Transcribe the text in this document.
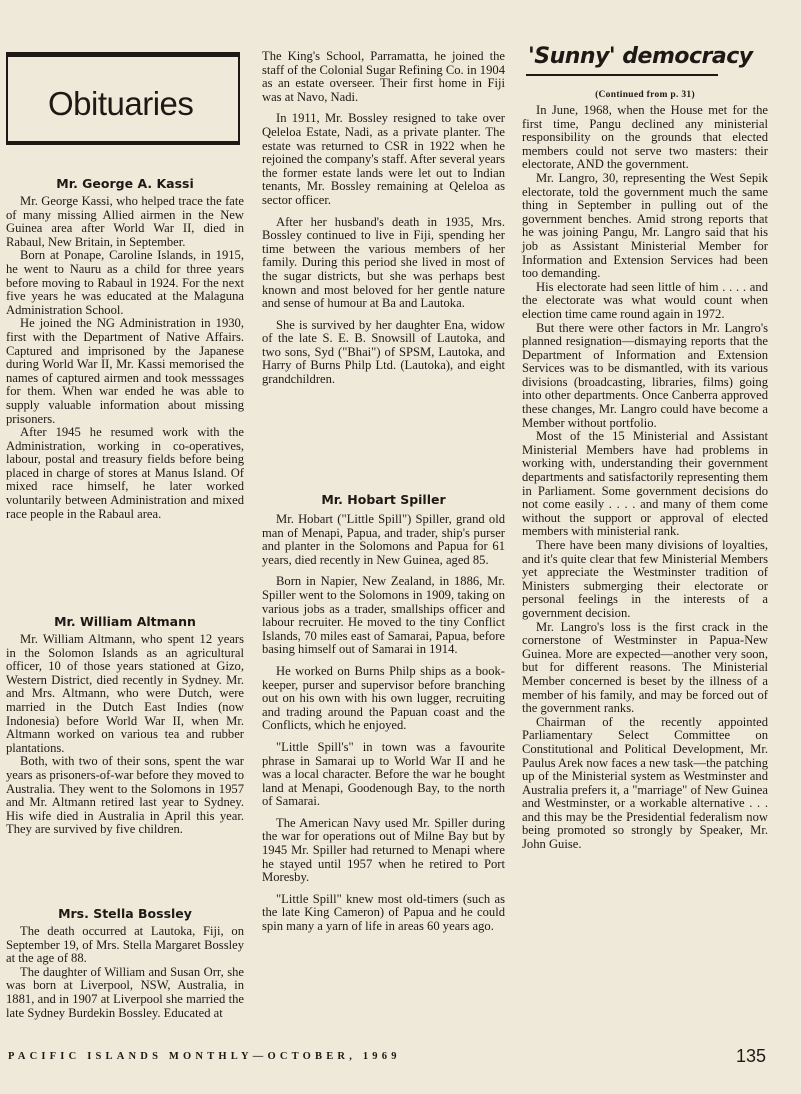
Obituaries
Mr. George A. Kassi

Mr. George Kassi, who helped trace the fate of many missing Allied airmen in the New Guinea area after World War II, died in Rabaul, New Britain, in September.

Born at Ponape, Caroline Islands, in 1915, he went to Nauru as a child for three years before moving to Rabaul in 1924. For the next five years he was educated at the Malaguna Administration School.

He joined the NG Administration in 1930, first with the Department of Native Affairs. Captured and imprisoned by the Japanese during World War II, Mr. Kassi memorised the names of captured airmen and took messsages for them. When war ended he was able to supply valuable information about missing prisoners.

After 1945 he resumed work with the Administration, working in co-operatives, labour, postal and treasury fields before being placed in charge of stores at Manus Island. Of mixed race himself, he later worked voluntarily between Administration and mixed race people in the Rabaul area.

Mr. William Altmann

Mr. William Altmann, who spent 12 years in the Solomon Islands as an agricultural officer, 10 of those years stationed at Gizo, Western District, died recently in Sydney. Mr. and Mrs. Altmann, who were Dutch, were married in the Dutch East Indies (now Indonesia) before World War II, when Mr. Altmann worked on various tea and rubber plantations.

Both, with two of their sons, spent the war years as prisoners-of-war before they moved to Australia. They went to the Solomons in 1957 and Mr. Altmann retired last year to Sydney. His wife died in Australia in April this year. They are survived by five children.

Mrs. Stella Bossley

The death occurred at Lautoka, Fiji, on September 19, of Mrs. Stella Margaret Bossley at the age of 88.

The daughter of William and Susan Orr, she was born at Liverpool, NSW, Australia, in 1881, and in 1907 at Liverpool she married the late Sydney Burdekin Bossley. Educated at

The King's School, Parramatta, he joined the staff of the Colonial Sugar Refining Co. in 1904 as an estate overseer. Their first home in Fiji was at Navo, Nadi.

In 1911, Mr. Bossley resigned to take over Qeleloa Estate, Nadi, as a private planter. The estate was returned to CSR in 1922 when he rejoined the company's staff. After several years the former estate lands were let out to Indian tenants, Mr. Bossley remaining at Qeleloa as sector officer.

After her husband's death in 1935, Mrs. Bossley continued to live in Fiji, spending her time between the various members of her family. During this period she lived in most of the sugar districts, but she was perhaps best known and most beloved for her gentle nature and sense of humour at Ba and Lautoka.

She is survived by her daughter Ena, widow of the late S. E. B. Snowsill of Lautoka, and two sons, Syd ("Bhai") of SPSM, Lautoka, and Harry of Burns Philp Ltd. (Lautoka), and eight grandchildren.

Mr. Hobart Spiller

Mr. Hobart ("Little Spill") Spiller, grand old man of Menapi, Papua, and trader, ship's purser and planter in the Solomons and Papua for 61 years, died recently in New Guinea, aged 85.

Born in Napier, New Zealand, in 1886, Mr. Spiller went to the Solomons in 1909, taking on various jobs as a trader, smallships officer and labour recruiter. He moved to the tiny Conflict Islands, 70 miles east of Samarai, Papua, before basing himself out of Samarai in 1914.

He worked on Burns Philp ships as a book-keeper, purser and supervisor before branching out on his own with his own lugger, recruiting and trading around the Papuan coast and the Conflicts, which he enjoyed.

"Little Spill's" in town was a favourite phrase in Samarai up to World War II and he was a local character. Before the war he bought land at Menapi, Goodenough Bay, to the north of Samarai.

The American Navy used Mr. Spiller during the war for operations out of Milne Bay but by 1945 Mr. Spiller had returned to Menapi where he stayed until 1957 when he retired to Port Moresby.

"Little Spill" knew most old-timers (such as the late King Cameron) of Papua and he could spin many a yarn of life in areas 60 years ago.

'Sunny' democracy
(Continued from p. 31)

In June, 1968, when the House met for the first time, Pangu declined any ministerial responsibility on the grounds that elected members could not serve two masters: their electorate, AND the government.

Mr. Langro, 30, representing the West Sepik electorate, told the government much the same thing in September in pulling out of the government benches. Amid strong reports that he was joining Pangu, Mr. Langro said that his job as Assistant Ministerial Member for Information and Extension Services had been too demanding.

His electorate had seen little of him . . . . and the electorate was what would count when election time came round again in 1972.

But there were other factors in Mr. Langro's planned resignation—dismaying reports that the Department of Information and Extension Services was to be dismantled, with its various divisions (broadcasting, libraries, films) going into other departments. Once Canberra approved these changes, Mr. Langro could have become a Member without portfolio.

Most of the 15 Ministerial and Assistant Ministerial Members have had problems in working with, understanding their government departments and satisfactorily representing them in Parliament. Some government decisions do not come easily . . . . and many of them come without the support or approval of elected members with ministerial rank.

There have been many divisions of loyalties, and it's quite clear that few Ministerial Members yet appreciate the Westminster tradition of Ministers submerging their electorate or personal feelings in the interests of a government decision.

Mr. Langro's loss is the first crack in the cornerstone of Westminster in Papua-New Guinea. More are expected—another very soon, but for different reasons. The Ministerial Member concerned is beset by the illness of a member of his family, and may be forced out of the government ranks.

Chairman of the recently appointed Parliamentary Select Committee on Constitutional and Political Development, Mr. Paulus Arek now faces a new task—the patching up of the Ministerial system as Westminster and Australia prefers it, a "marriage" of New Guinea and Westminster, or a workable alternative . . . and this may be the Presidential federalism now being promoted so strongly by Speaker, Mr. John Guise.

PACIFIC ISLANDS MONTHLY—OCTOBER, 1969	135
